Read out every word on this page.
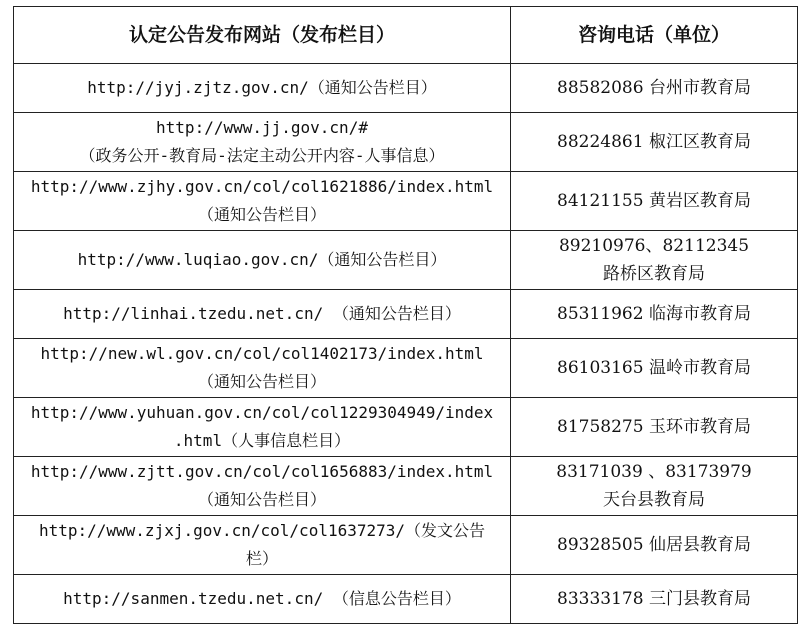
认定公告发布网站（发布栏目）	咨询电话（单位）

http://jyj.zjtz.gov.cn/（通知公告栏目）	88582086 台州市教育局

http://www.jj.gov.cn/#
（政务公开-教育局-法定主动公开内容-人事信息）	88224861 椒江区教育局

http://www.zjhy.gov.cn/col/col1621886/index.html
（通知公告栏目）	84121155 黄岩区教育局

http://www.luqiao.gov.cn/（通知公告栏目）	89210976、82112345
路桥区教育局

http://linhai.tzedu.net.cn/ （通知公告栏目）	85311962 临海市教育局

http://new.wl.gov.cn/col/col1402173/index.html
（通知公告栏目）	86103165 温岭市教育局

http://www.yuhuan.gov.cn/col/col1229304949/index
.html（人事信息栏目）	81758275 玉环市教育局

http://www.zjtt.gov.cn/col/col1656883/index.html
（通知公告栏目）	83171039 、83173979
天台县教育局

http://www.zjxj.gov.cn/col/col1637273/（发文公告
栏）	89328505 仙居县教育局

http://sanmen.tzedu.net.cn/ （信息公告栏目）	83333178 三门县教育局
